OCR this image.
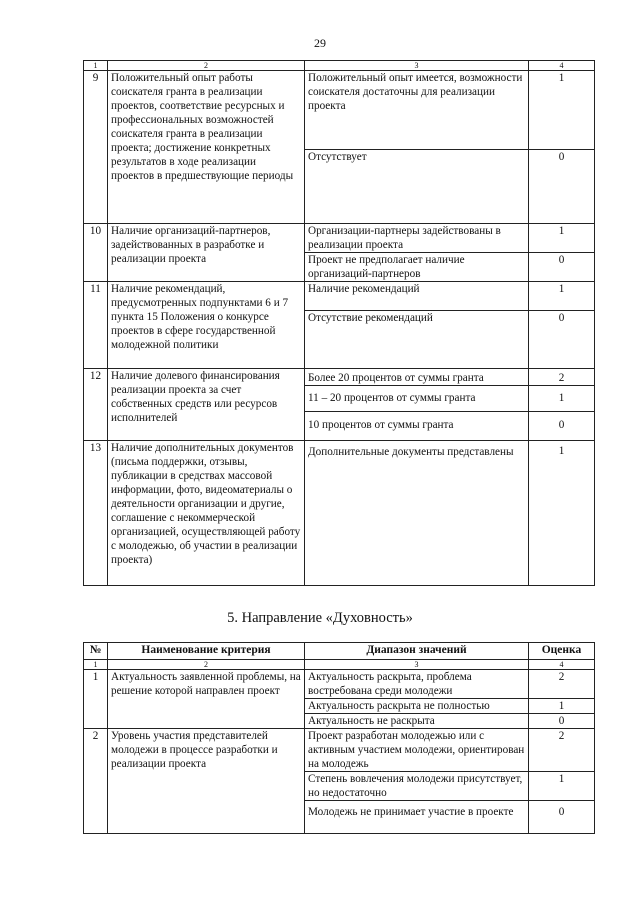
29
1	2	3	4
9	Положительный опыт работы соискателя гранта в реализации проектов, соответствие ресурсных и профессиональных возможностей соискателя гранта в реализации проекта; достижение конкретных результатов в ходе реализации проектов в предшествующие периоды	Положительный опыт имеется, возможности соискателя достаточны для реализации проекта	1
		Отсутствует	0
10	Наличие организаций-партнеров, задействованных в разработке и реализации проекта	Организации-партнеры задействованы в реализации проекта	1
		Проект не предполагает наличие организаций-партнеров	0
11	Наличие рекомендаций, предусмотренных подпунктами 6 и 7 пункта 15 Положения о конкурсе проектов в сфере государственной молодежной политики	Наличие рекомендаций	1
		Отсутствие рекомендаций	0
12	Наличие долевого финансирования реализации проекта за счет собственных средств или ресурсов исполнителей	Более 20 процентов от суммы гранта	2
		11 – 20 процентов от суммы гранта	1
		10 процентов от суммы гранта	0
13	Наличие дополнительных документов (письма поддержки, отзывы, публикации в средствах массовой информации, фото, видеоматериалы о деятельности организации и другие, соглашение с некоммерческой организацией, осуществляющей работу с молодежью, об участии в реализации проекта)	Дополнительные документы представлены	1
5. Направление «Духовность»
№	Наименование критерия	Диапазон значений	Оценка
1	2	3	4
1	Актуальность заявленной проблемы, на решение которой направлен проект	Актуальность раскрыта, проблема востребована среди молодежи	2
		Актуальность раскрыта не полностью	1
		Актуальность не раскрыта	0
2	Уровень участия представителей молодежи в процессе разработки и реализации проекта	Проект разработан молодежью или с активным участием молодежи, ориентирован на молодежь	2
		Степень вовлечения молодежи присутствует, но недостаточно	1
		Молодежь не принимает участие в проекте	0
